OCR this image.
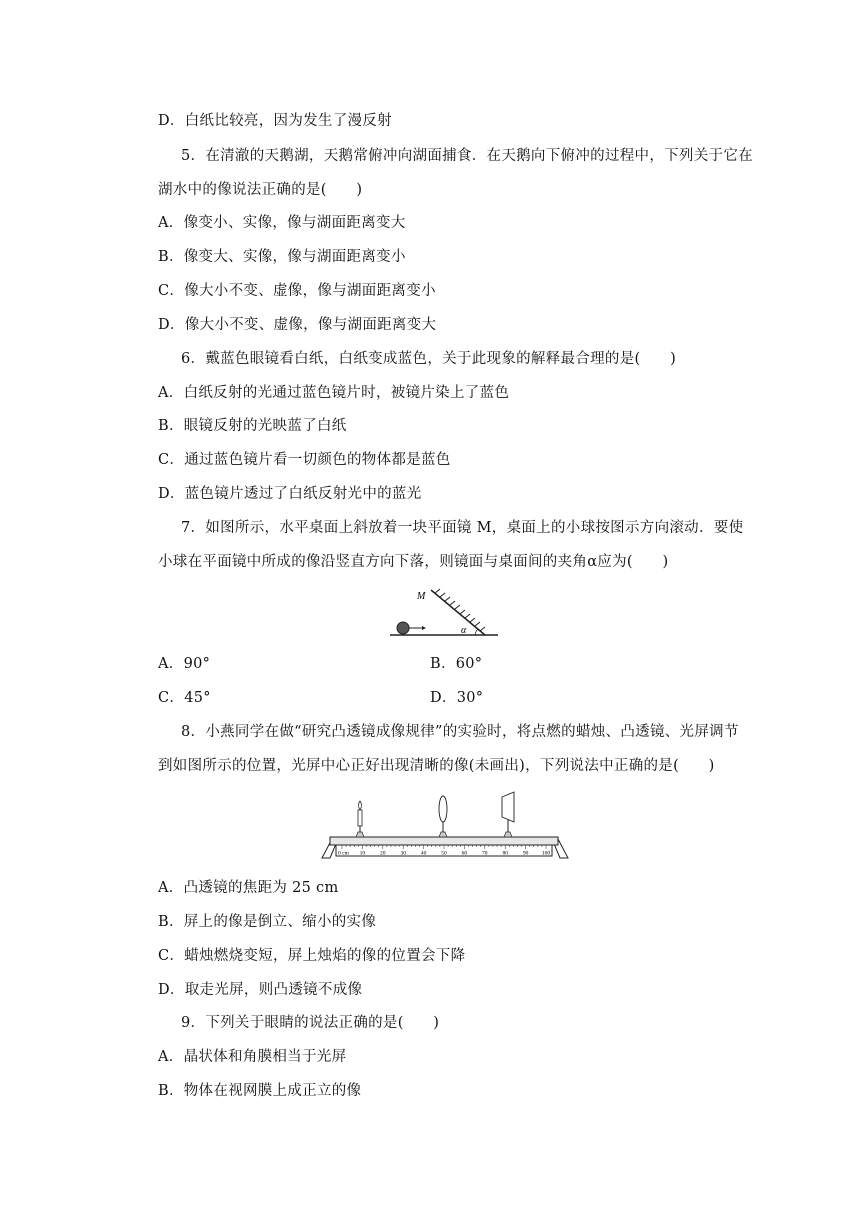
D．白纸比较亮，因为发生了漫反射
5．在清澈的天鹅湖，天鹅常俯冲向湖面捕食．在天鹅向下俯冲的过程中，下列关于它在
湖水中的像说法正确的是(　　)
A．像变小、实像，像与湖面距离变大
B．像变大、实像，像与湖面距离变小
C．像大小不变、虚像，像与湖面距离变小
D．像大小不变、虚像，像与湖面距离变大
6．戴蓝色眼镜看白纸，白纸变成蓝色，关于此现象的解释最合理的是(　　)
A．白纸反射的光通过蓝色镜片时，被镜片染上了蓝色
B．眼镜反射的光映蓝了白纸
C．通过蓝色镜片看一切颜色的物体都是蓝色
D．蓝色镜片透过了白纸反射光中的蓝光
7．如图所示，水平桌面上斜放着一块平面镜 M，桌面上的小球按图示方向滚动．要使
小球在平面镜中所成的像沿竖直方向下落，则镜面与桌面间的夹角α应为(　　)
M
α
A．90°	B．60°
C．45°	D．30°
8．小燕同学在做“研究凸透镜成像规律”的实验时，将点燃的蜡烛、凸透镜、光屏调节
到如图所示的位置，光屏中心正好出现清晰的像(未画出)，下列说法中正确的是(　　)
0 cm 10	20	30	40	50	60	70	80	90 100
A．凸透镜的焦距为 25 cm
B．屏上的像是倒立、缩小的实像
C．蜡烛燃烧变短，屏上烛焰的像的位置会下降
D．取走光屏，则凸透镜不成像
9．下列关于眼睛的说法正确的是(　　)
A．晶状体和角膜相当于光屏
B．物体在视网膜上成正立的像
